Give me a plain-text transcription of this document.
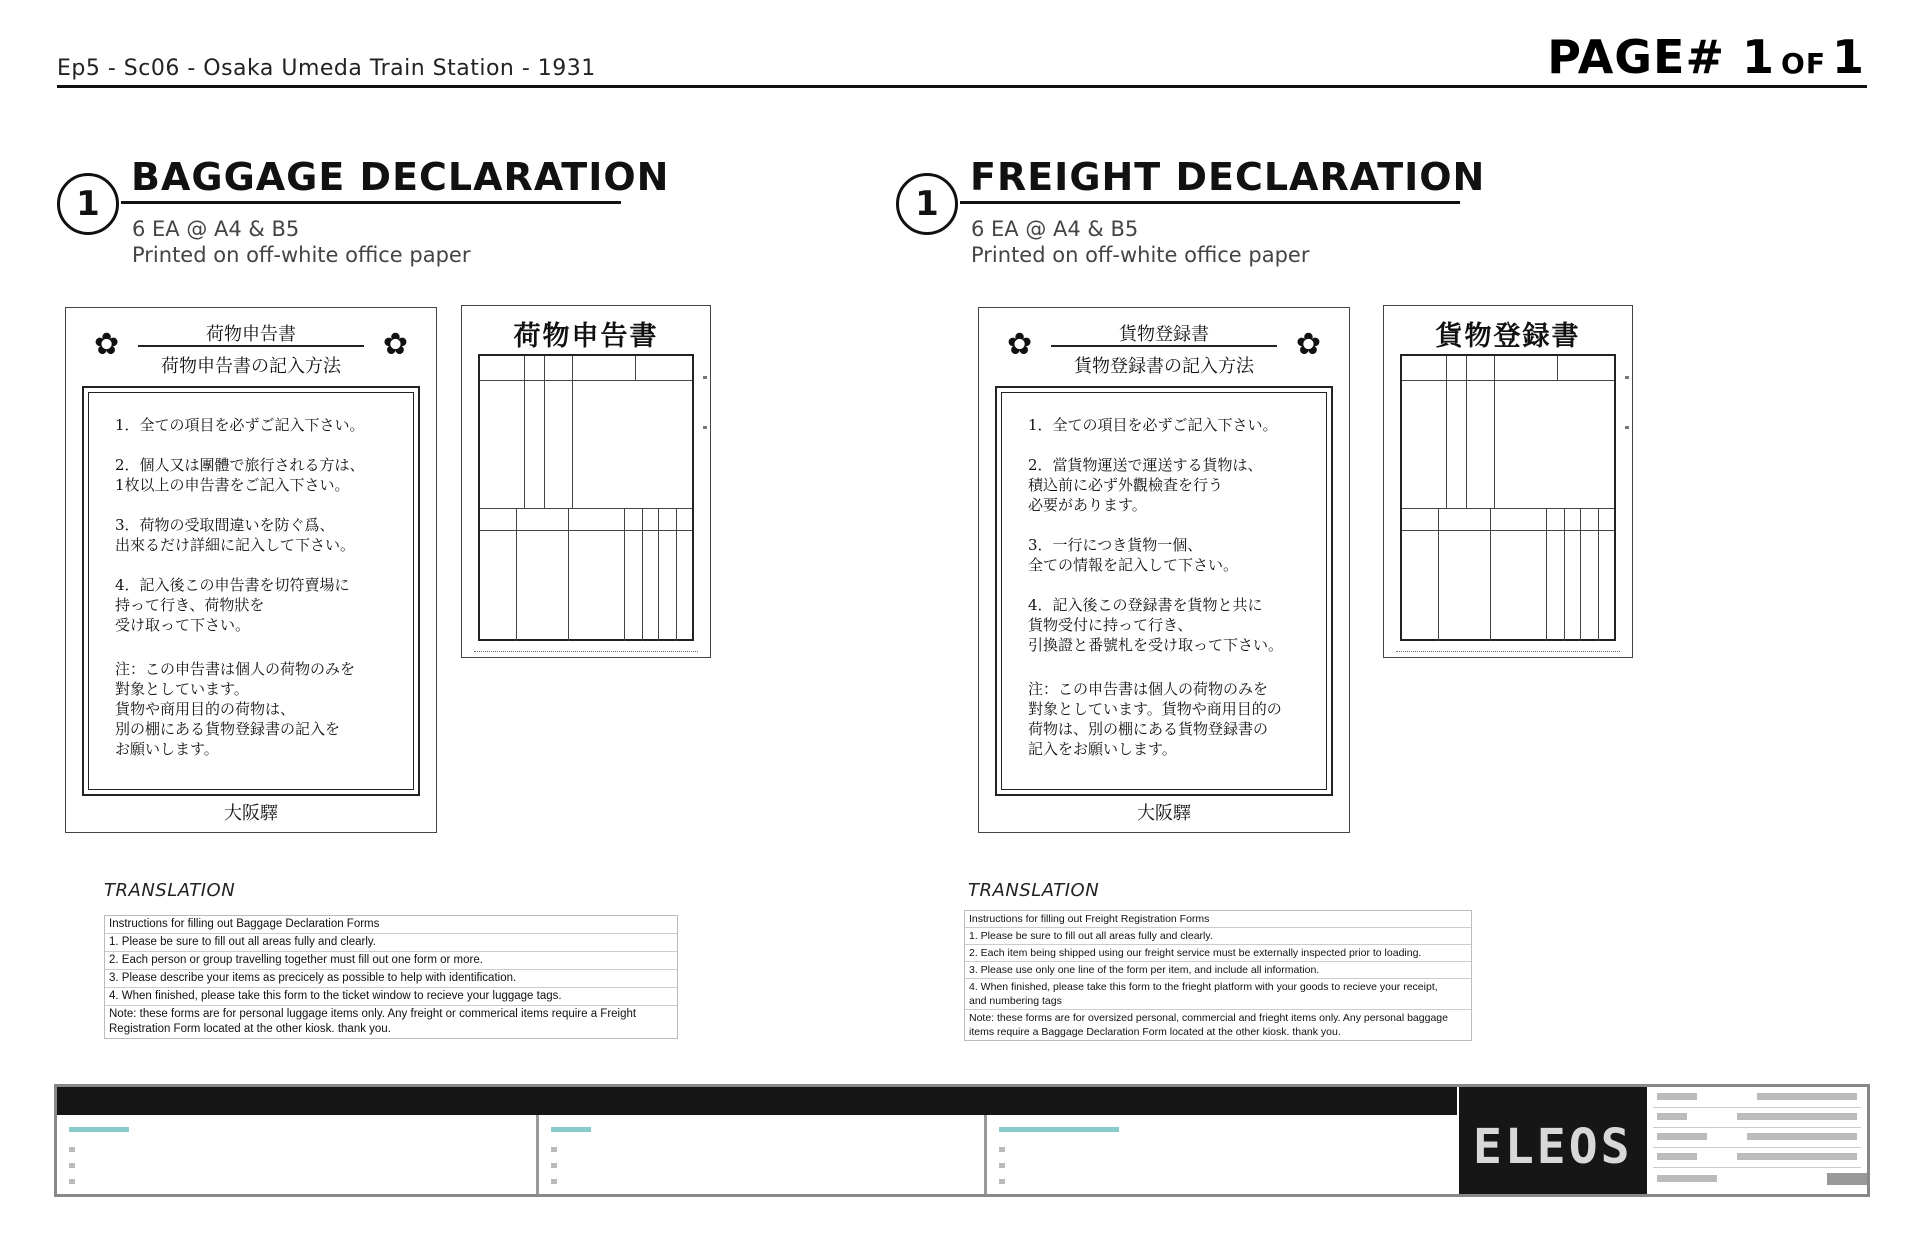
Ep5 - Sc06 - Osaka Umeda Train Station - 1931	PAGE# 1 OF 1
1
BAGGAGE DECLARATION
6 EA @ A4 & B5
Printed on off-white office paper
1
FREIGHT DECLARATION
6 EA @ A4 & B5
Printed on off-white office paper
✿	✿
荷物申告書
荷物申告書の記入方法
1．全ての項目を必ずご記入下さい。
2．個人又は團體で旅行される方は、
1枚以上の申告書をご記入下さい。
3．荷物の受取間違いを防ぐ爲、
出來るだけ詳細に記入して下さい。
4．記入後この申告書を切符賣場に
持って行き、荷物狀を
受け取って下さい。
注：この申告書は個人の荷物のみを
對象としています。
貨物や商用目的の荷物は、
別の棚にある貨物登録書の記入を
お願いします。
大阪驛
荷物申告書	✿	✿
貨物登録書
貨物登録書の記入方法
1．全ての項目を必ずご記入下さい。
2．當貨物運送で運送する貨物は、
積込前に必ず外觀檢査を行う
必要があります。
3．一行につき貨物一個、
全ての情報を記入して下さい。
4．記入後この登録書を貨物と共に
貨物受付に持って行き、
引換證と番號札を受け取って下さい。
注：この申告書は個人の荷物のみを
對象としています。貨物や商用目的の
荷物は、別の棚にある貨物登録書の
記入をお願いします。
大阪驛
貨物登録書
TRANSLATION
Instructions for filling out Baggage Declaration Forms
1. Please be sure to fill out all areas fully and clearly.
2. Each person or group travelling together must fill out one form or more.
3. Please describe your items as precicely as possible to help with identification.
4. When finished, please take this form to the ticket window to recieve your luggage tags.
Note: these forms are for personal luggage items only. Any freight or commerical items require a Freight
Registration Form located at the other kiosk. thank you.
TRANSLATION
Instructions for filling out Freight Registration Forms
1. Please be sure to fill out all areas fully and clearly.
2. Each item being shipped using our freight service must be externally inspected prior to loading.
3. Please use only one line of the form per item, and include all information.
4. When finished, please take this form to the frieght platform with your goods to recieve your receipt,
and numbering tags
Note: these forms are for oversized personal, commercial and frieght items only. Any personal baggage
items require a Baggage Declaration Form located at the other kiosk. thank you.
ELEOS
